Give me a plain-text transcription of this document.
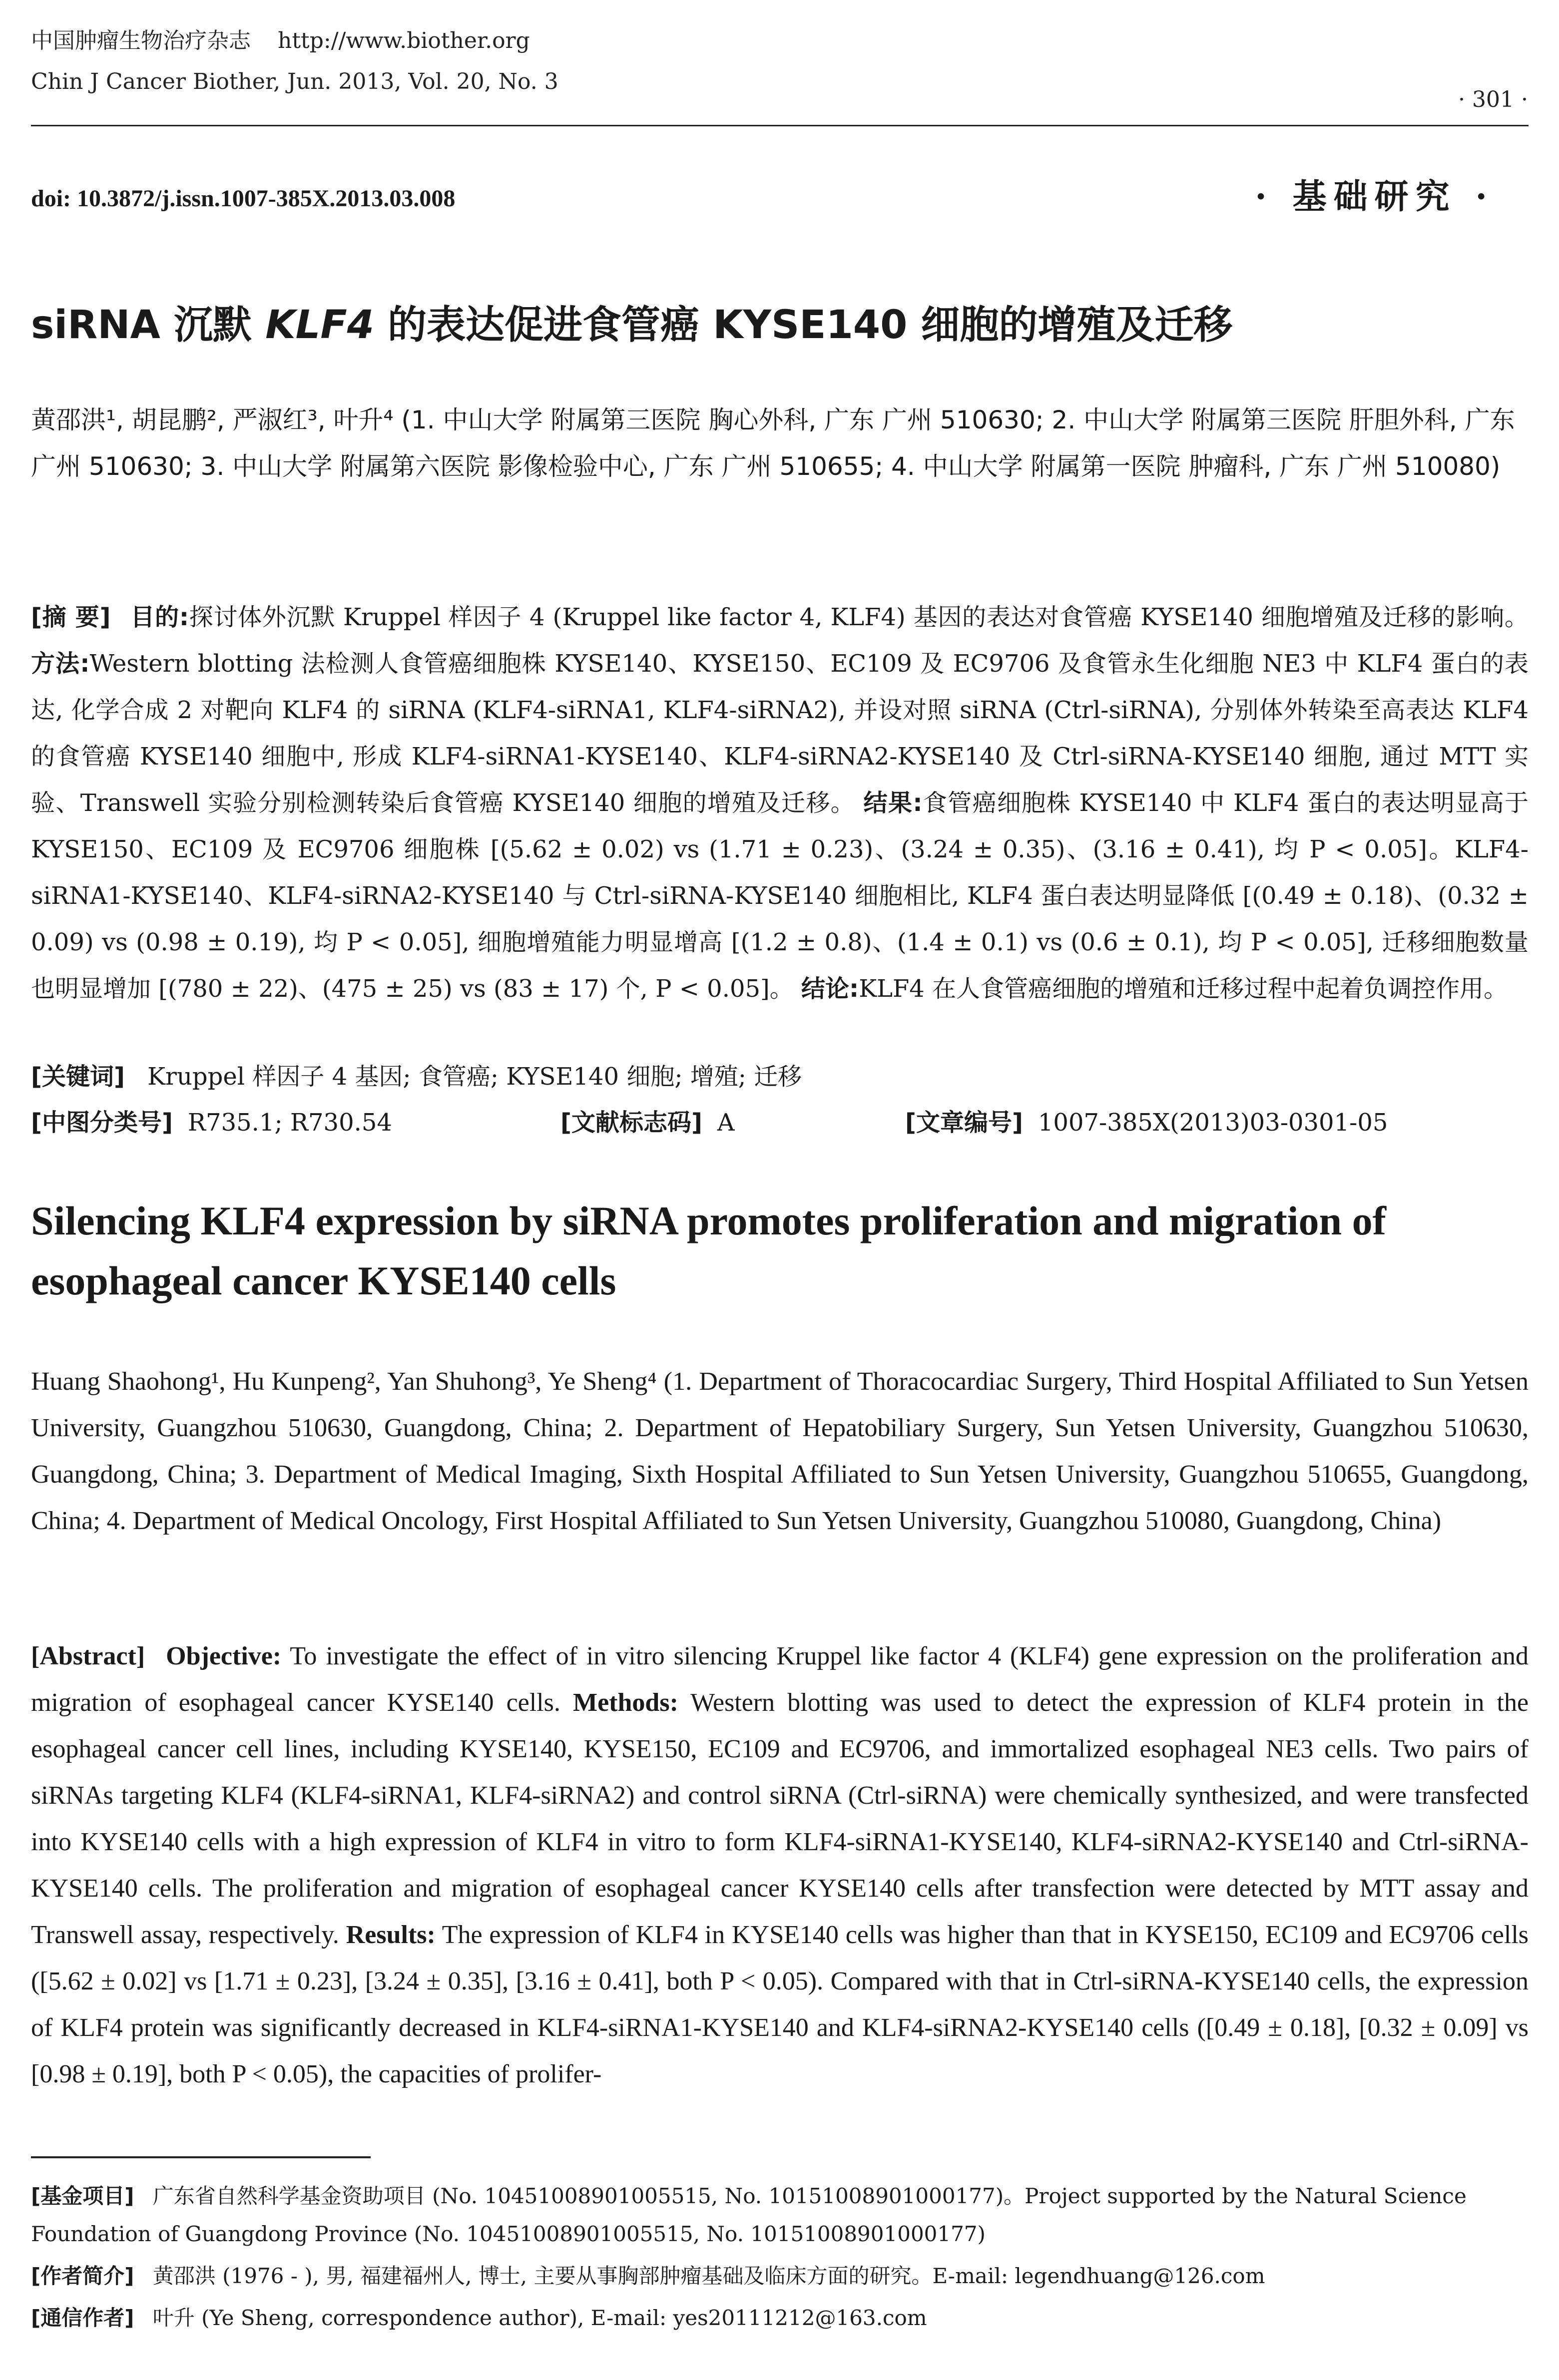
中国肿瘤生物治疗杂志 http://www.biother.org
Chin J Cancer Biother, Jun. 2013, Vol. 20, No. 3
· 301 ·
doi: 10.3872/j.issn.1007-385X.2013.03.008	· 基础研究 ·
siRNA 沉默 KLF4 的表达促进食管癌 KYSE140 细胞的增殖及迁移
黄邵洪¹, 胡昆鹏², 严淑红³, 叶升⁴ (1. 中山大学 附属第三医院 胸心外科, 广东 广州 510630; 2. 中山大学 附属第三医院 肝胆外科, 广东 广州 510630; 3. 中山大学 附属第六医院 影像检验中心, 广东 广州 510655; 4. 中山大学 附属第一医院 肿瘤科, 广东 广州 510080)
[摘 要] 目的:探讨体外沉默 Kruppel 样因子 4 (Kruppel like factor 4, KLF4) 基因的表达对食管癌 KYSE140 细胞增殖及迁移的影响。 方法:Western blotting 法检测人食管癌细胞株 KYSE140、KYSE150、EC109 及 EC9706 及食管永生化细胞 NE3 中 KLF4 蛋白的表达, 化学合成 2 对靶向 KLF4 的 siRNA (KLF4-siRNA1, KLF4-siRNA2), 并设对照 siRNA (Ctrl-siRNA), 分别体外转染至高表达 KLF4 的食管癌 KYSE140 细胞中, 形成 KLF4-siRNA1-KYSE140、KLF4-siRNA2-KYSE140 及 Ctrl-siRNA-KYSE140 细胞, 通过 MTT 实验、Transwell 实验分别检测转染后食管癌 KYSE140 细胞的增殖及迁移。 结果:食管癌细胞株 KYSE140 中 KLF4 蛋白的表达明显高于 KYSE150、EC109 及 EC9706 细胞株 [(5.62 ± 0.02) vs (1.71 ± 0.23)、(3.24 ± 0.35)、(3.16 ± 0.41), 均 P < 0.05]。KLF4-siRNA1-KYSE140、KLF4-siRNA2-KYSE140 与 Ctrl-siRNA-KYSE140 细胞相比, KLF4 蛋白表达明显降低 [(0.49 ± 0.18)、(0.32 ± 0.09) vs (0.98 ± 0.19), 均 P < 0.05], 细胞增殖能力明显增高 [(1.2 ± 0.8)、(1.4 ± 0.1) vs (0.6 ± 0.1), 均 P < 0.05], 迁移细胞数量也明显增加 [(780 ± 22)、(475 ± 25) vs (83 ± 17) 个, P < 0.05]。 结论:KLF4 在人食管癌细胞的增殖和迁移过程中起着负调控作用。
[关键词] Kruppel 样因子 4 基因; 食管癌; KYSE140 细胞; 增殖; 迁移
[中图分类号] R735.1; R730.54	[文献标志码] A	[文章编号] 1007-385X(2013)03-0301-05
Silencing KLF4 expression by siRNA promotes proliferation and migration of esophageal cancer KYSE140 cells
Huang Shaohong¹, Hu Kunpeng², Yan Shuhong³, Ye Sheng⁴ (1. Department of Thoracocardiac Surgery, Third Hospital Affiliated to Sun Yetsen University, Guangzhou 510630, Guangdong, China; 2. Department of Hepatobiliary Surgery, Sun Yetsen University, Guangzhou 510630, Guangdong, China; 3. Department of Medical Imaging, Sixth Hospital Affiliated to Sun Yetsen University, Guangzhou 510655, Guangdong, China; 4. Department of Medical Oncology, First Hospital Affiliated to Sun Yetsen University, Guangzhou 510080, Guangdong, China)
[Abstract] Objective: To investigate the effect of in vitro silencing Kruppel like factor 4 (KLF4) gene expression on the proliferation and migration of esophageal cancer KYSE140 cells. Methods: Western blotting was used to detect the expression of KLF4 protein in the esophageal cancer cell lines, including KYSE140, KYSE150, EC109 and EC9706, and immortalized esophageal NE3 cells. Two pairs of siRNAs targeting KLF4 (KLF4-siRNA1, KLF4-siRNA2) and control siRNA (Ctrl-siRNA) were chemically synthesized, and were transfected into KYSE140 cells with a high expression of KLF4 in vitro to form KLF4-siRNA1-KYSE140, KLF4-siRNA2-KYSE140 and Ctrl-siRNA-KYSE140 cells. The proliferation and migration of esophageal cancer KYSE140 cells after transfection were detected by MTT assay and Transwell assay, respectively. Results: The expression of KLF4 in KYSE140 cells was higher than that in KYSE150, EC109 and EC9706 cells ([5.62 ± 0.02] vs [1.71 ± 0.23], [3.24 ± 0.35], [3.16 ± 0.41], both P < 0.05). Compared with that in Ctrl-siRNA-KYSE140 cells, the expression of KLF4 protein was significantly decreased in KLF4-siRNA1-KYSE140 and KLF4-siRNA2-KYSE140 cells ([0.49 ± 0.18], [0.32 ± 0.09] vs [0.98 ± 0.19], both P < 0.05), the capacities of prolifer-
[基金项目] 广东省自然科学基金资助项目 (No. 10451008901005515, No. 10151008901000177)。Project supported by the Natural Science Foundation of Guangdong Province (No. 10451008901005515, No. 10151008901000177)
[作者简介] 黄邵洪 (1976 - ), 男, 福建福州人, 博士, 主要从事胸部肿瘤基础及临床方面的研究。E-mail: legendhuang@126.com
[通信作者] 叶升 (Ye Sheng, correspondence author), E-mail: yes20111212@163.com
